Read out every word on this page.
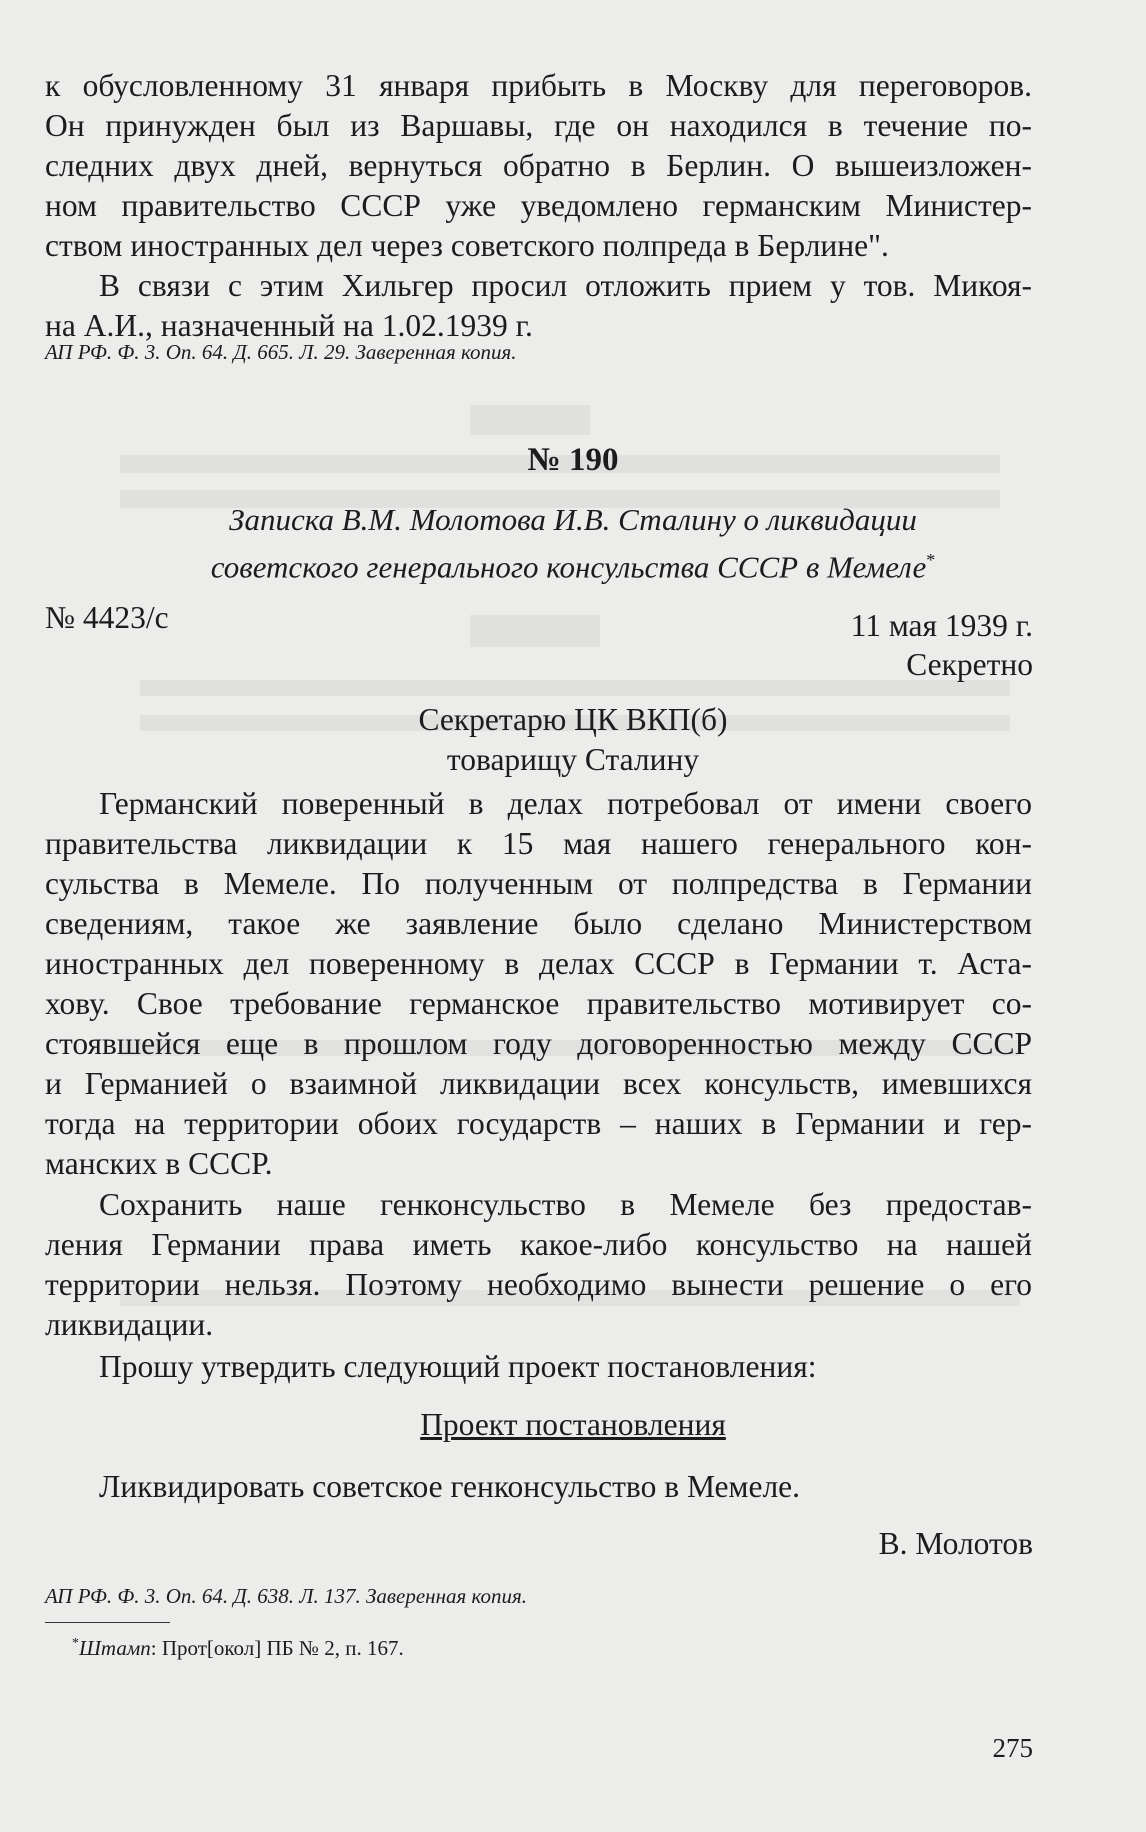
к обусловленному 31 января прибыть в Москву для переговоров.
Он принужден был из Варшавы, где он находился в течение по-
следних двух дней, вернуться обратно в Берлин. О вышеизложен-
ном правительство СССР уже уведомлено германским Министер-
ством иностранных дел через советского полпреда в Берлине".

В связи с этим Хильгер просил отложить прием у тов. Микоя-
на А.И., назначенный на 1.02.1939 г.

АП РФ. Ф. 3. Оп. 64. Д. 665. Л. 29. Заверенная копия.

№ 190

Записка В.М. Молотова И.В. Сталину о ликвидации
советского генерального консульства СССР в Мемеле*

№ 4423/с	11 мая 1939 г.

Секретно

Секретарю ЦК ВКП(б)
товарищу Сталину

Германский поверенный в делах потребовал от имени своего
правительства ликвидации к 15 мая нашего генерального кон-
сульства в Мемеле. По полученным от полпредства в Германии
сведениям, такое же заявление было сделано Министерством
иностранных дел поверенному в делах СССР в Германии т. Аста-
хову. Свое требование германское правительство мотивирует со-
стоявшейся еще в прошлом году договоренностью между СССР
и Германией о взаимной ликвидации всех консульств, имевшихся
тогда на территории обоих государств – наших в Германии и гер-
манских в СССР.

Сохранить наше генконсульство в Мемеле без предостав-
ления Германии права иметь какое-либо консульство на нашей
территории нельзя. Поэтому необходимо вынести решение о его
ликвидации.

Прошу утвердить следующий проект постановления:

Проект постановления

Ликвидировать советское генконсульство в Мемеле.

В. Молотов

АП РФ. Ф. 3. Оп. 64. Д. 638. Л. 137. Заверенная копия.

*Штамп: Прот[окол] ПБ № 2, п. 167.

275
